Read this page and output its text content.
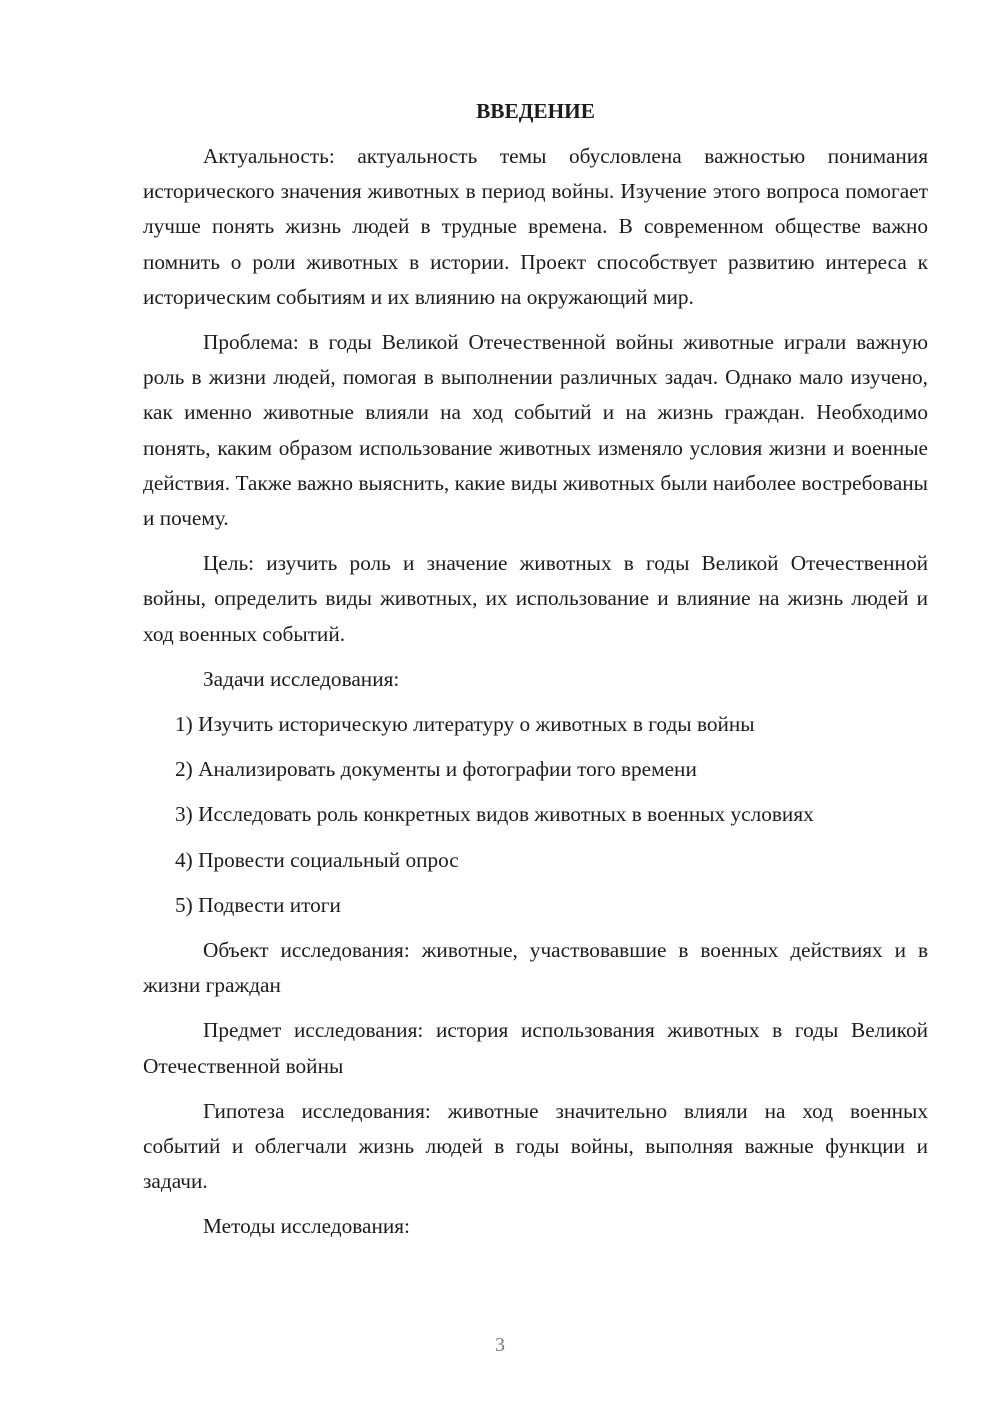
ВВЕДЕНИЕ

Актуальность: актуальность темы обусловлена важностью понимания исторического значения животных в период войны. Изучение этого вопроса помогает лучше понять жизнь людей в трудные времена. В современном обществе важно помнить о роли животных в истории. Проект способствует развитию интереса к историческим событиям и их влиянию на окружающий мир.

Проблема: в годы Великой Отечественной войны животные играли важную роль в жизни людей, помогая в выполнении различных задач. Однако мало изучено, как именно животные влияли на ход событий и на жизнь граждан. Необходимо понять, каким образом использование животных изменяло условия жизни и военные действия. Также важно выяснить, какие виды животных были наиболее востребованы и почему.

Цель: изучить роль и значение животных в годы Великой Отечественной войны, определить виды животных, их использование и влияние на жизнь людей и ход военных событий.

Задачи исследования:

1) Изучить историческую литературу о животных в годы войны
2) Анализировать документы и фотографии того времени
3) Исследовать роль конкретных видов животных в военных условиях
4) Провести социальный опрос
5) Подвести итоги

Объект исследования: животные, участвовавшие в военных действиях и в жизни граждан

Предмет исследования: история использования животных в годы Великой Отечественной войны

Гипотеза исследования: животные значительно влияли на ход военных событий и облегчали жизнь людей в годы войны, выполняя важные функции и задачи.

Методы исследования:

3
